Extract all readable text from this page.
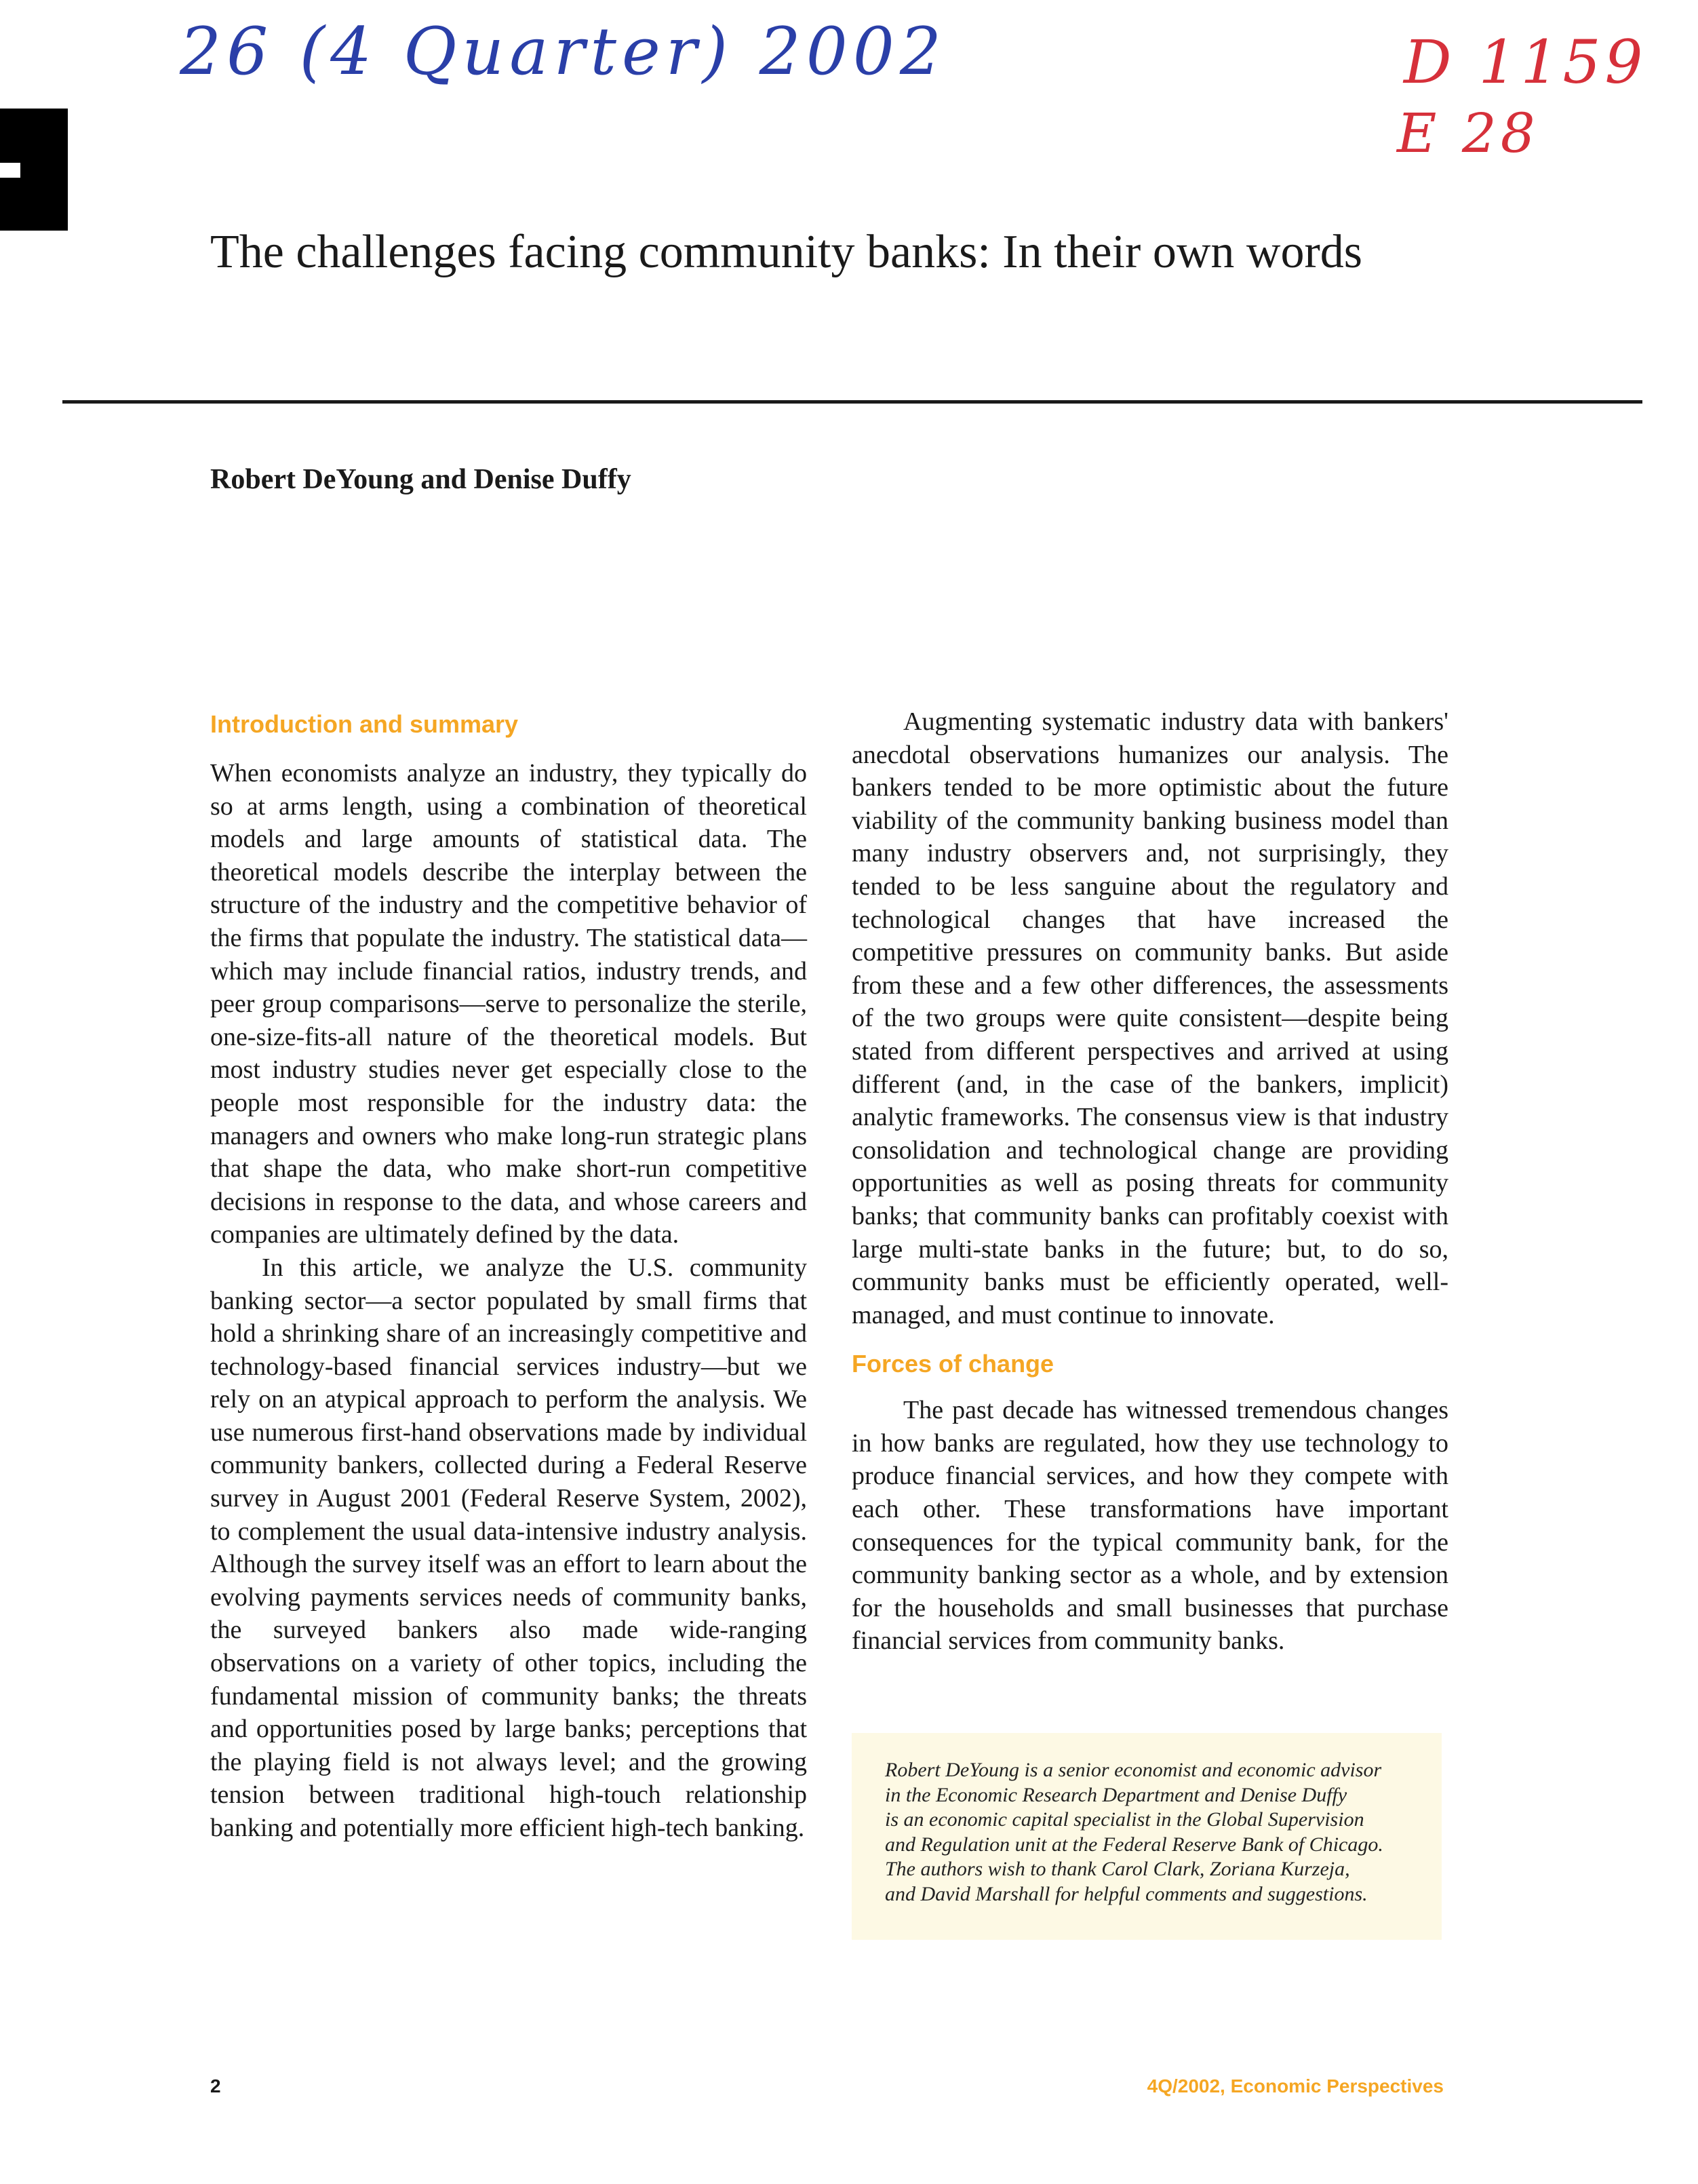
26 (4 Quarter) 2002	D 1159
E 28
The challenges facing community banks: In their own words

Robert DeYoung and Denise Duffy

Introduction and summary

When economists analyze an industry, they typically do so at arms length, using a combination of theoretical models and large amounts of statistical data. The theoretical models describe the interplay between the structure of the industry and the competitive behavior of the firms that populate the industry. The statistical data—which may include financial ratios, industry trends, and peer group comparisons—serve to personalize the sterile, one-size-fits-all nature of the theoretical models. But most industry studies never get especially close to the people most responsible for the industry data: the managers and owners who make long-run strategic plans that shape the data, who make short-run competitive decisions in response to the data, and whose careers and companies are ultimately defined by the data.

In this article, we analyze the U.S. community banking sector—a sector populated by small firms that hold a shrinking share of an increasingly competitive and technology-based financial services industry—but we rely on an atypical approach to perform the analysis. We use numerous first-hand observations made by individual community bankers, collected during a Federal Reserve survey in August 2001 (Federal Reserve System, 2002), to complement the usual data-intensive industry analysis. Although the survey itself was an effort to learn about the evolving payments services needs of community banks, the surveyed bankers also made wide-ranging observations on a variety of other topics, including the fundamental mission of community banks; the threats and opportunities posed by large banks; perceptions that the playing field is not always level; and the growing tension between traditional high-touch relationship banking and potentially more efficient high-tech banking.

Augmenting systematic industry data with bankers' anecdotal observations humanizes our analysis. The bankers tended to be more optimistic about the future viability of the community banking business model than many industry observers and, not surprisingly, they tended to be less sanguine about the regulatory and technological changes that have increased the competitive pressures on community banks. But aside from these and a few other differences, the assessments of the two groups were quite consistent—despite being stated from different perspectives and arrived at using different (and, in the case of the bankers, implicit) analytic frameworks. The consensus view is that industry consolidation and technological change are providing opportunities as well as posing threats for community banks; that community banks can profitably coexist with large multi-state banks in the future; but, to do so, community banks must be efficiently operated, well-managed, and must continue to innovate.

Forces of change

The past decade has witnessed tremendous changes in how banks are regulated, how they use technology to produce financial services, and how they compete with each other. These transformations have important consequences for the typical community bank, for the community banking sector as a whole, and by extension for the households and small businesses that purchase financial services from community banks.

Robert DeYoung is a senior economist and economic advisor
in the Economic Research Department and Denise Duffy
is an economic capital specialist in the Global Supervision
and Regulation unit at the Federal Reserve Bank of Chicago.
The authors wish to thank Carol Clark, Zoriana Kurzeja,
and David Marshall for helpful comments and suggestions.
2	4Q/2002, Economic Perspectives
